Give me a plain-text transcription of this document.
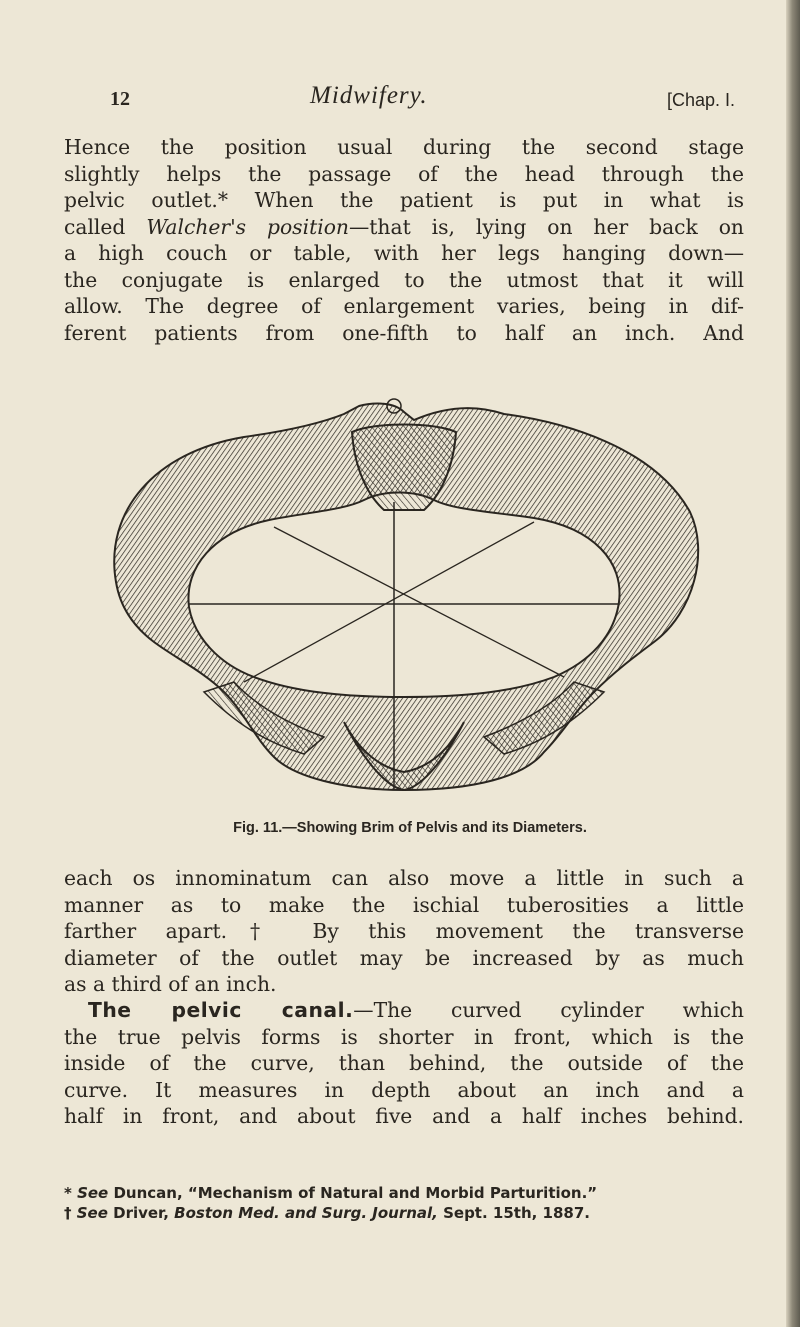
12	Midwifery.	[Chap. I.
Hence the position usual during the second stage
slightly helps the passage of the head through the
pelvic outlet.* When the patient is put in what is
called Walcher's position—that is, lying on her back on
a high couch or table, with her legs hanging down—
the conjugate is enlarged to the utmost that it will
allow. The degree of enlargement varies, being in dif-
ferent patients from one-fifth to half an inch. And
Fig. 11.—Showing Brim of Pelvis and its Diameters.
each os innominatum can also move a little in such a
manner as to make the ischial tuberosities a little
farther apart.† By this movement the transverse
diameter of the outlet may be increased by as much
as a third of an inch.
The pelvic canal.—The curved cylinder which
the true pelvis forms is shorter in front, which is the
inside of the curve, than behind, the outside of the
curve. It measures in depth about an inch and a
half in front, and about five and a half inches behind.
* See Duncan, “Mechanism of Natural and Morbid Parturition.”
† See Driver, Boston Med. and Surg. Journal, Sept. 15th, 1887.
